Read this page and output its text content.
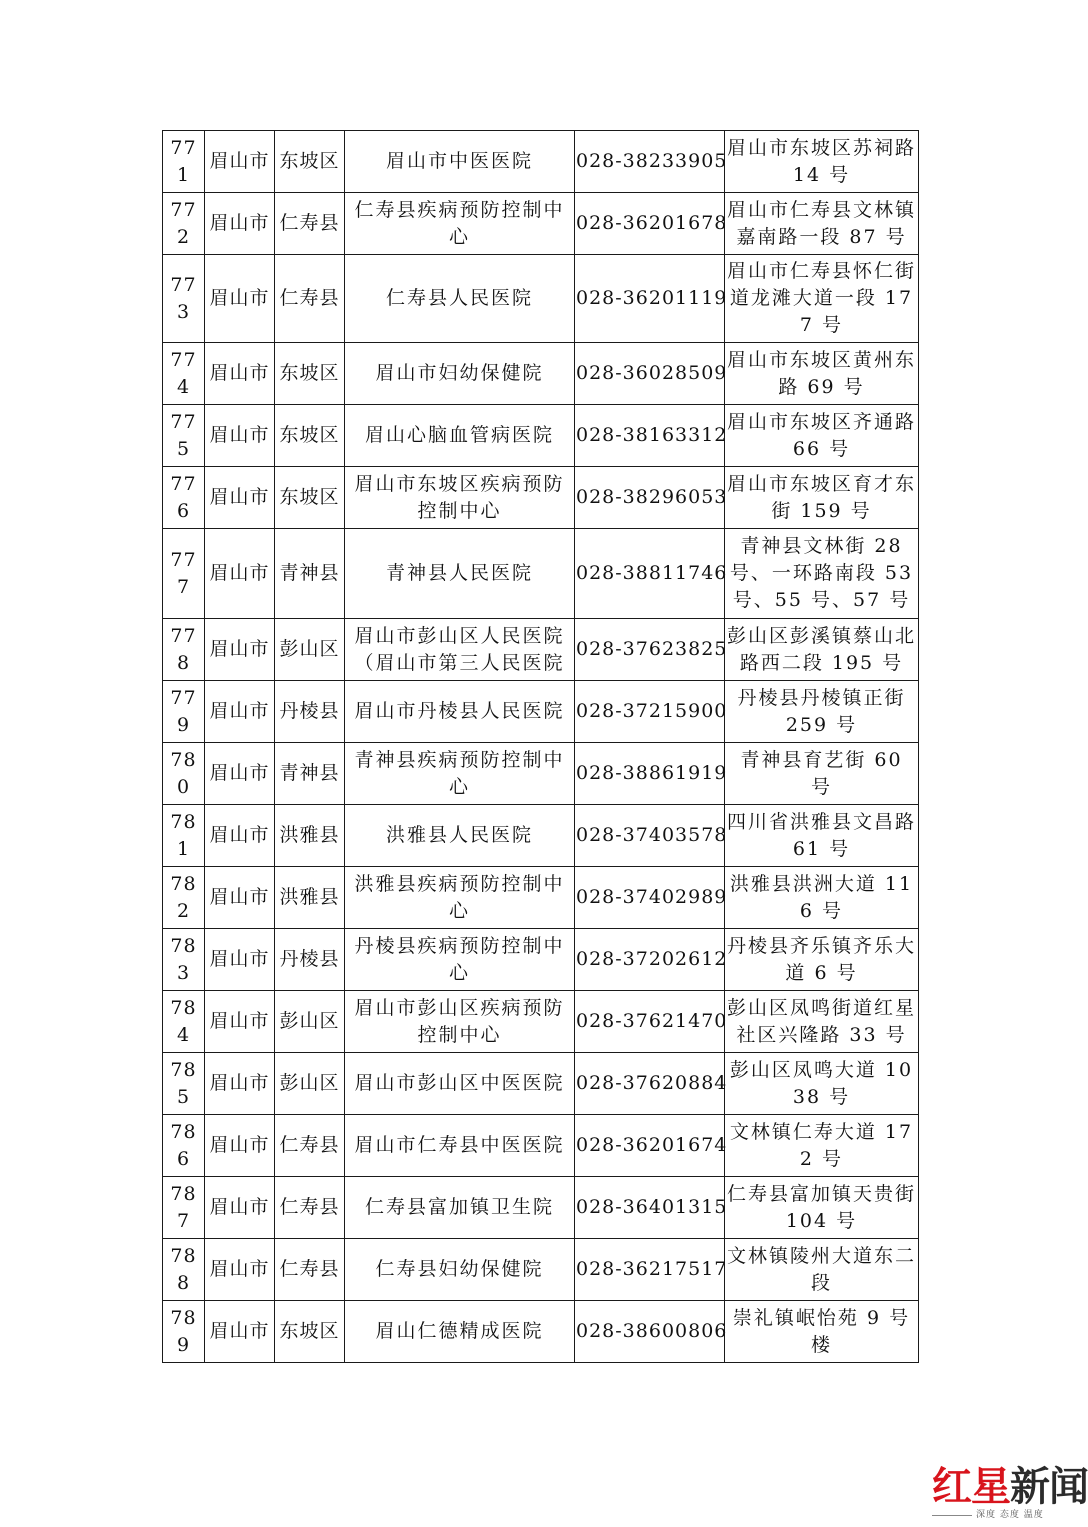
771	眉山市	东坡区	眉山市中医医院	028-38233905	眉山市东坡区苏祠路 14 号
772	眉山市	仁寿县	仁寿县疾病预防控制中心	028-36201678	眉山市仁寿县文林镇嘉南路一段 87 号
773	眉山市	仁寿县	仁寿县人民医院	028-36201119	眉山市仁寿县怀仁街道龙滩大道一段 177 号
774	眉山市	东坡区	眉山市妇幼保健院	028-36028509	眉山市东坡区黄州东路 69 号
775	眉山市	东坡区	眉山心脑血管病医院	028-38163312	眉山市东坡区齐通路 66 号
776	眉山市	东坡区	眉山市东坡区疾病预防控制中心	028-38296053	眉山市东坡区育才东街 159 号
777	眉山市	青神县	青神县人民医院	028-38811746	青神县文林街 28 号、一环路南段 53 号、55 号、57 号
778	眉山市	彭山区	眉山市彭山区人民医院（眉山市第三人民医院	028-37623825	彭山区彭溪镇蔡山北路西二段 195 号
779	眉山市	丹棱县	眉山市丹棱县人民医院	028-37215900	丹棱县丹棱镇正街 259 号
780	眉山市	青神县	青神县疾病预防控制中心	028-38861919	青神县育艺街 60 号
781	眉山市	洪雅县	洪雅县人民医院	028-37403578	四川省洪雅县文昌路 61 号
782	眉山市	洪雅县	洪雅县疾病预防控制中心	028-37402989	洪雅县洪洲大道 116 号
783	眉山市	丹棱县	丹棱县疾病预防控制中心	028-37202612	丹棱县齐乐镇齐乐大道 6 号
784	眉山市	彭山区	眉山市彭山区疾病预防控制中心	028-37621470	彭山区凤鸣街道红星社区兴隆路 33 号
785	眉山市	彭山区	眉山市彭山区中医医院	028-37620884	彭山区凤鸣大道 1038 号
786	眉山市	仁寿县	眉山市仁寿县中医医院	028-36201674	文林镇仁寿大道 172 号
787	眉山市	仁寿县	仁寿县富加镇卫生院	028-36401315	仁寿县富加镇天贵街 104 号
788	眉山市	仁寿县	仁寿县妇幼保健院	028-36217517	文林镇陵州大道东二段
789	眉山市	东坡区	眉山仁德精成医院	028-38600806	崇礼镇岷怡苑 9 号楼
红星新闻
深度 态度 温度
